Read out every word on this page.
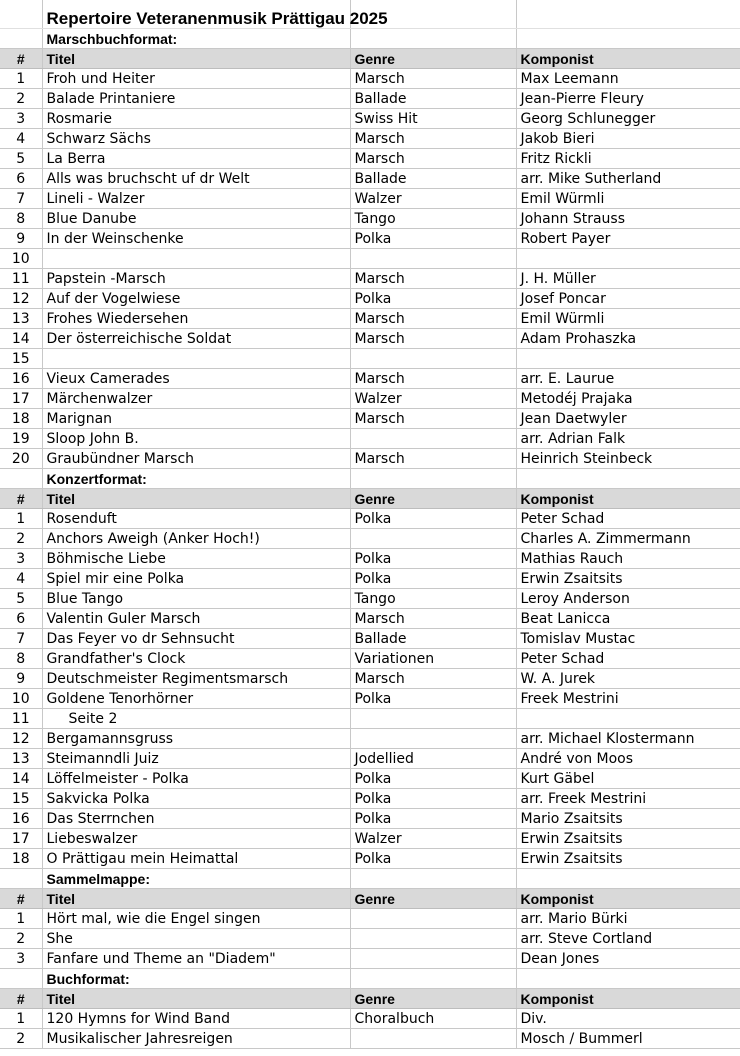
	Repertoire Veteranenmusik Prättigau 2025		
	Marschbuchformat:		
#	Titel	Genre	Komponist
1	Froh und Heiter	Marsch	Max Leemann
2	Balade Printaniere	Ballade	Jean-Pierre Fleury
3	Rosmarie	Swiss Hit	Georg Schlunegger
4	Schwarz Sächs	Marsch	Jakob Bieri
5	La Berra	Marsch	Fritz Rickli
6	Alls was bruchscht uf dr Welt	Ballade	arr. Mike Sutherland
7	Lineli - Walzer	Walzer	Emil Würmli
8	Blue Danube	Tango	Johann Strauss
9	In der Weinschenke	Polka	Robert Payer
10			
11	Papstein -Marsch	Marsch	J. H. Müller
12	Auf der Vogelwiese	Polka	Josef Poncar
13	Frohes Wiedersehen	Marsch	Emil Würmli
14	Der österreichische Soldat	Marsch	Adam Prohaszka
15			
16	Vieux Camerades	Marsch	arr. E. Laurue
17	Märchenwalzer	Walzer	Metodéj Prajaka
18	Marignan	Marsch	Jean Daetwyler
19	Sloop John B.		arr. Adrian Falk
20	Graubündner Marsch	Marsch	Heinrich Steinbeck
	Konzertformat:		
#	Titel	Genre	Komponist
1	Rosenduft	Polka	Peter Schad
2	Anchors Aweigh (Anker Hoch!)		Charles A. Zimmermann
3	Böhmische Liebe	Polka	Mathias Rauch
4	Spiel mir eine Polka	Polka	Erwin Zsaitsits
5	Blue Tango	Tango	Leroy Anderson
6	Valentin Guler Marsch	Marsch	Beat Lanicca
7	Das Feyer vo dr Sehnsucht	Ballade	Tomislav Mustac
8	Grandfather's Clock	Variationen	Peter Schad
9	Deutschmeister Regimentsmarsch	Marsch	W. A. Jurek
10	Goldene Tenorhörner	Polka	Freek Mestrini
11	Seite 2		
12	Bergamannsgruss		arr. Michael Klostermann
13	Steimanndli Juiz	Jodellied	André von Moos
14	Löffelmeister - Polka	Polka	Kurt Gäbel
15	Sakvicka Polka	Polka	arr. Freek Mestrini
16	Das Sterrnchen	Polka	Mario Zsaitsits
17	Liebeswalzer	Walzer	Erwin Zsaitsits
18	O Prättigau mein Heimattal	Polka	Erwin Zsaitsits
	Sammelmappe:		
#	Titel	Genre	Komponist
1	Hört mal, wie die Engel singen		arr. Mario Bürki
2	She		arr. Steve Cortland
3	Fanfare und Theme an "Diadem"		Dean Jones
	Buchformat:		
#	Titel	Genre	Komponist
1	120 Hymns for Wind Band	Choralbuch	Div.
2	Musikalischer Jahresreigen		Mosch / Bummerl
